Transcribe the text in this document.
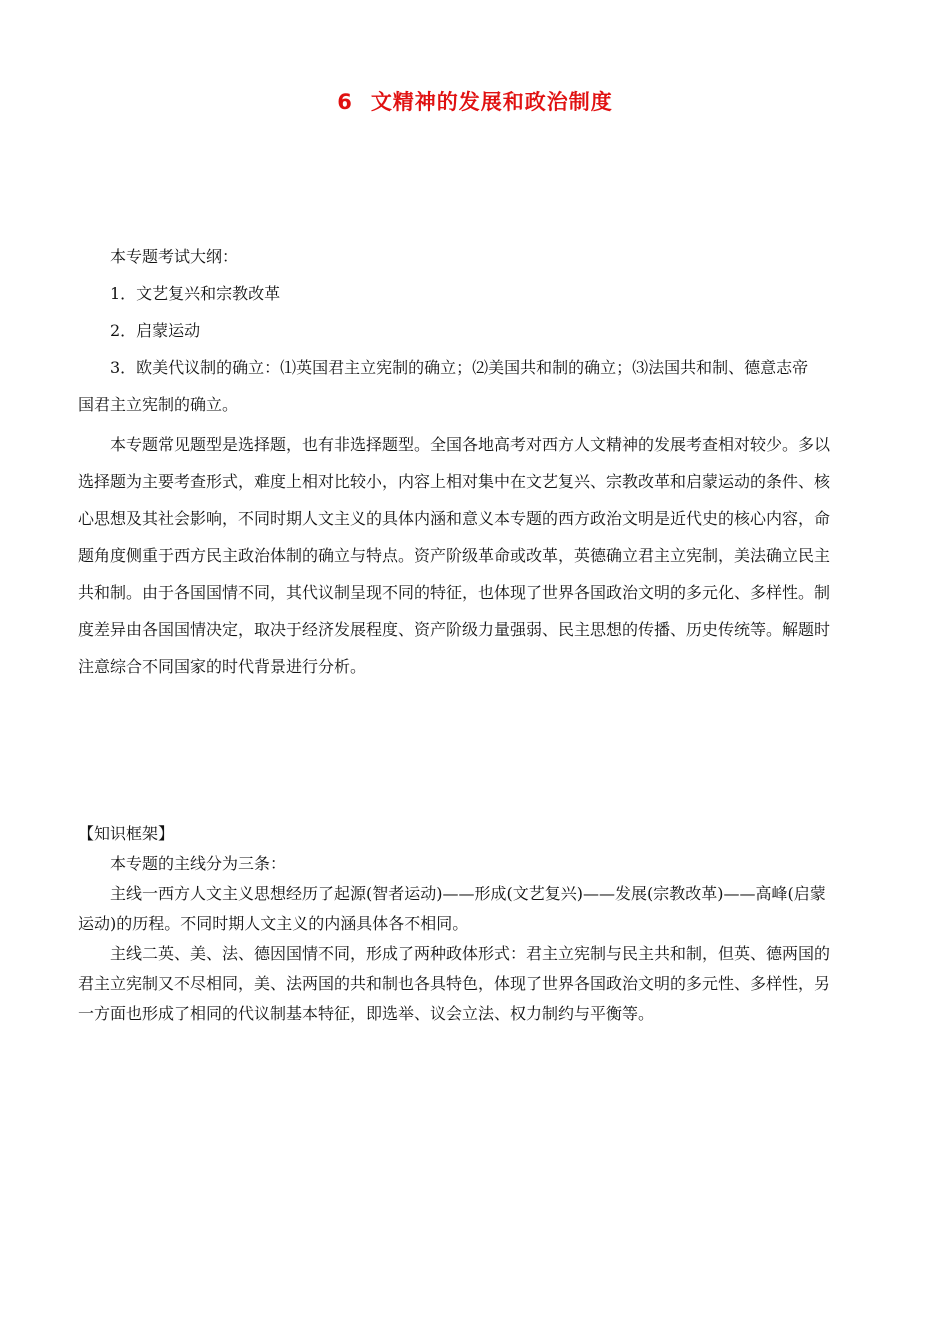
6 文精神的发展和政治制度

本专题考试大纲：

1．文艺复兴和宗教改革

2．启蒙运动

3．欧美代议制的确立：⑴英国君主立宪制的确立；⑵美国共和制的确立；⑶法国共和制、德意志帝

国君主立宪制的确立。

本专题常见题型是选择题，也有非选择题型。全国各地高考对西方人文精神的发展考查相对较少。多以

选择题为主要考查形式，难度上相对比较小，内容上相对集中在文艺复兴、宗教改革和启蒙运动的条件、核

心思想及其社会影响，不同时期人文主义的具体内涵和意义本专题的西方政治文明是近代史的核心内容，命

题角度侧重于西方民主政治体制的确立与特点。资产阶级革命或改革，英德确立君主立宪制，美法确立民主

共和制。由于各国国情不同，其代议制呈现不同的特征，也体现了世界各国政治文明的多元化、多样性。制

度差异由各国国情决定，取决于经济发展程度、资产阶级力量强弱、民主思想的传播、历史传统等。解题时

注意综合不同国家的时代背景进行分析。

【知识框架】

本专题的主线分为三条：

主线一西方人文主义思想经历了起源(智者运动)——形成(文艺复兴)——发展(宗教改革)——高峰(启蒙

运动)的历程。不同时期人文主义的内涵具体各不相同。

主线二英、美、法、德因国情不同，形成了两种政体形式：君主立宪制与民主共和制，但英、德两国的

君主立宪制又不尽相同，美、法两国的共和制也各具特色，体现了世界各国政治文明的多元性、多样性，另

一方面也形成了相同的代议制基本特征，即选举、议会立法、权力制约与平衡等。
